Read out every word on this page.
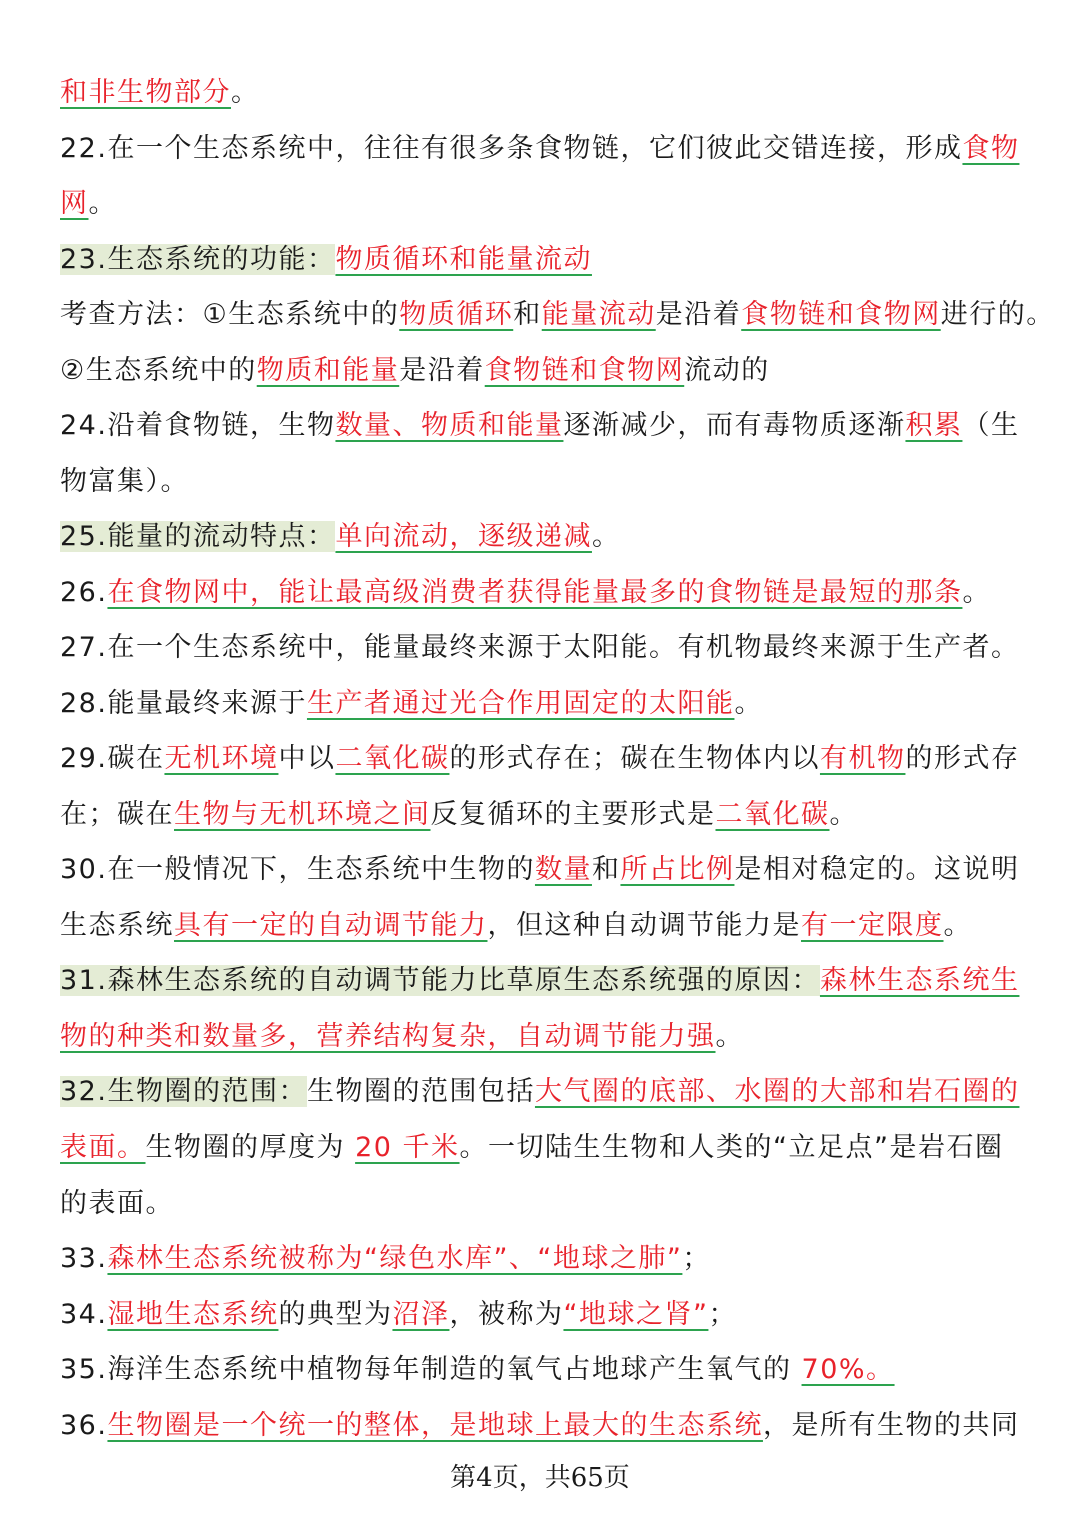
和非生物部分。
22.在一个生态系统中，往往有很多条食物链，它们彼此交错连接，形成食物
网。
23.生态系统的功能：物质循环和能量流动
考查方法：①生态系统中的物质循环和能量流动是沿着食物链和食物网进行的。
②生态系统中的物质和能量是沿着食物链和食物网流动的
24.沿着食物链，生物数量、物质和能量逐渐减少，而有毒物质逐渐积累（生
物富集）。
25.能量的流动特点：单向流动，逐级递减。
26.在食物网中，能让最高级消费者获得能量最多的食物链是最短的那条。
27.在一个生态系统中，能量最终来源于太阳能。有机物最终来源于生产者。
28.能量最终来源于生产者通过光合作用固定的太阳能。
29.碳在无机环境中以二氧化碳的形式存在；碳在生物体内以有机物的形式存
在；碳在生物与无机环境之间反复循环的主要形式是二氧化碳。
30.在一般情况下，生态系统中生物的数量和所占比例是相对稳定的。这说明
生态系统具有一定的自动调节能力，但这种自动调节能力是有一定限度。
31.森林生态系统的自动调节能力比草原生态系统强的原因：森林生态系统生
物的种类和数量多，营养结构复杂，自动调节能力强。
32.生物圈的范围：生物圈的范围包括大气圈的底部、水圈的大部和岩石圈的
表面。生物圈的厚度为 20 千米。一切陆生生物和人类的“立足点”是岩石圈
的表面。
33.森林生态系统被称为“绿色水库”、“地球之肺”；
34.湿地生态系统的典型为沼泽，被称为“地球之肾”；
35.海洋生态系统中植物每年制造的氧气占地球产生氧气的 70%。
36.生物圈是一个统一的整体，是地球上最大的生态系统，是所有生物的共同
第4页，共65页
